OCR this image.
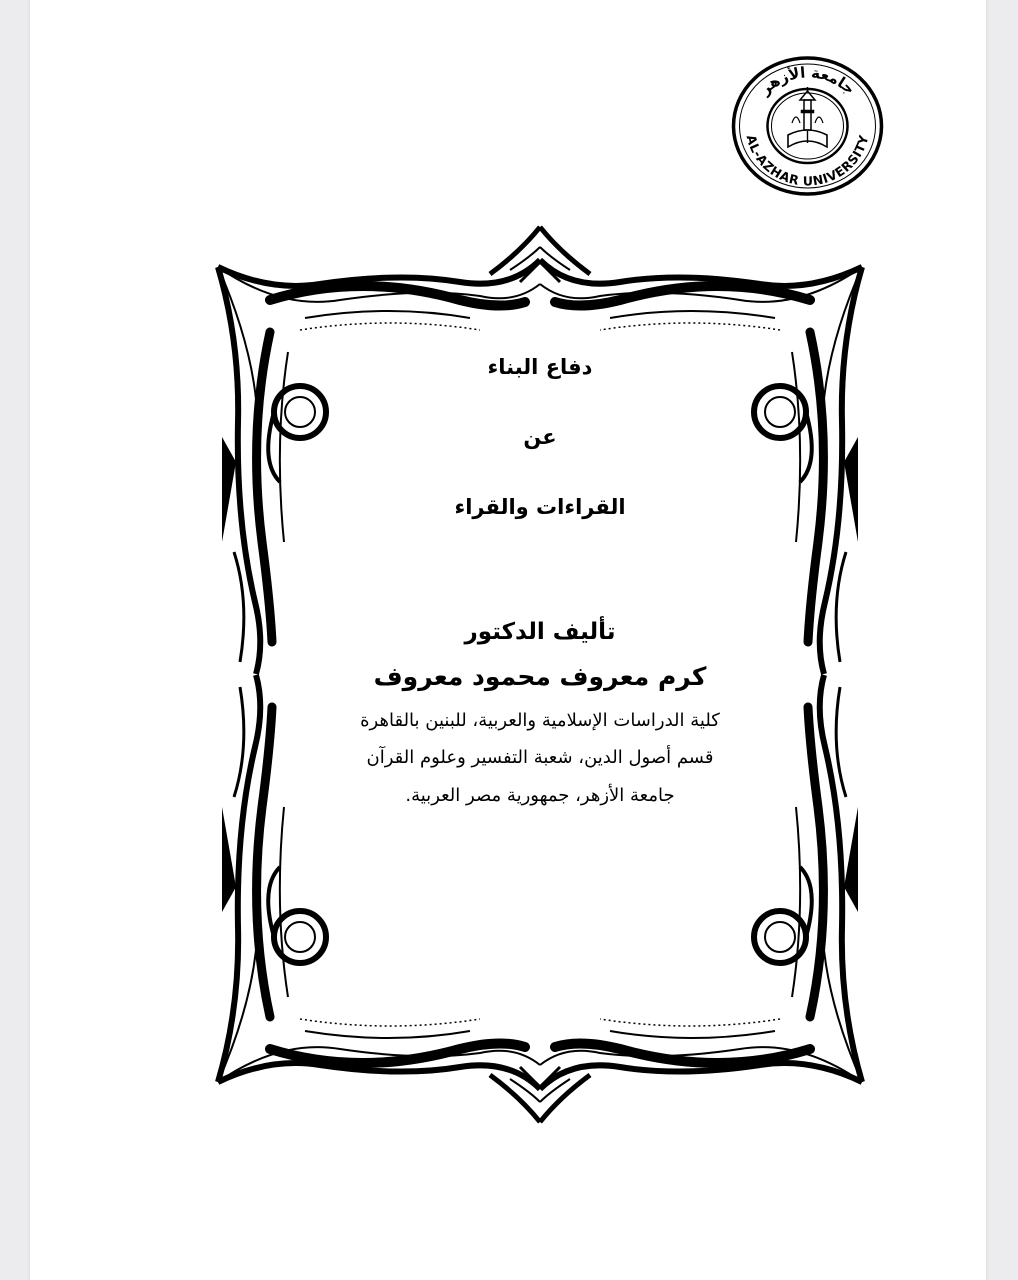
جامعة الأزهر
AL-AZHAR UNIVERSITY
دفاع البناء
عن
القراءات والقراء
تأليف الدكتور
كرم معروف محمود معروف
كلية الدراسات الإسلامية والعربية، للبنين بالقاهرة
قسم أصول الدين، شعبة التفسير وعلوم القرآن
جامعة الأزهر، جمهورية مصر العربية.
